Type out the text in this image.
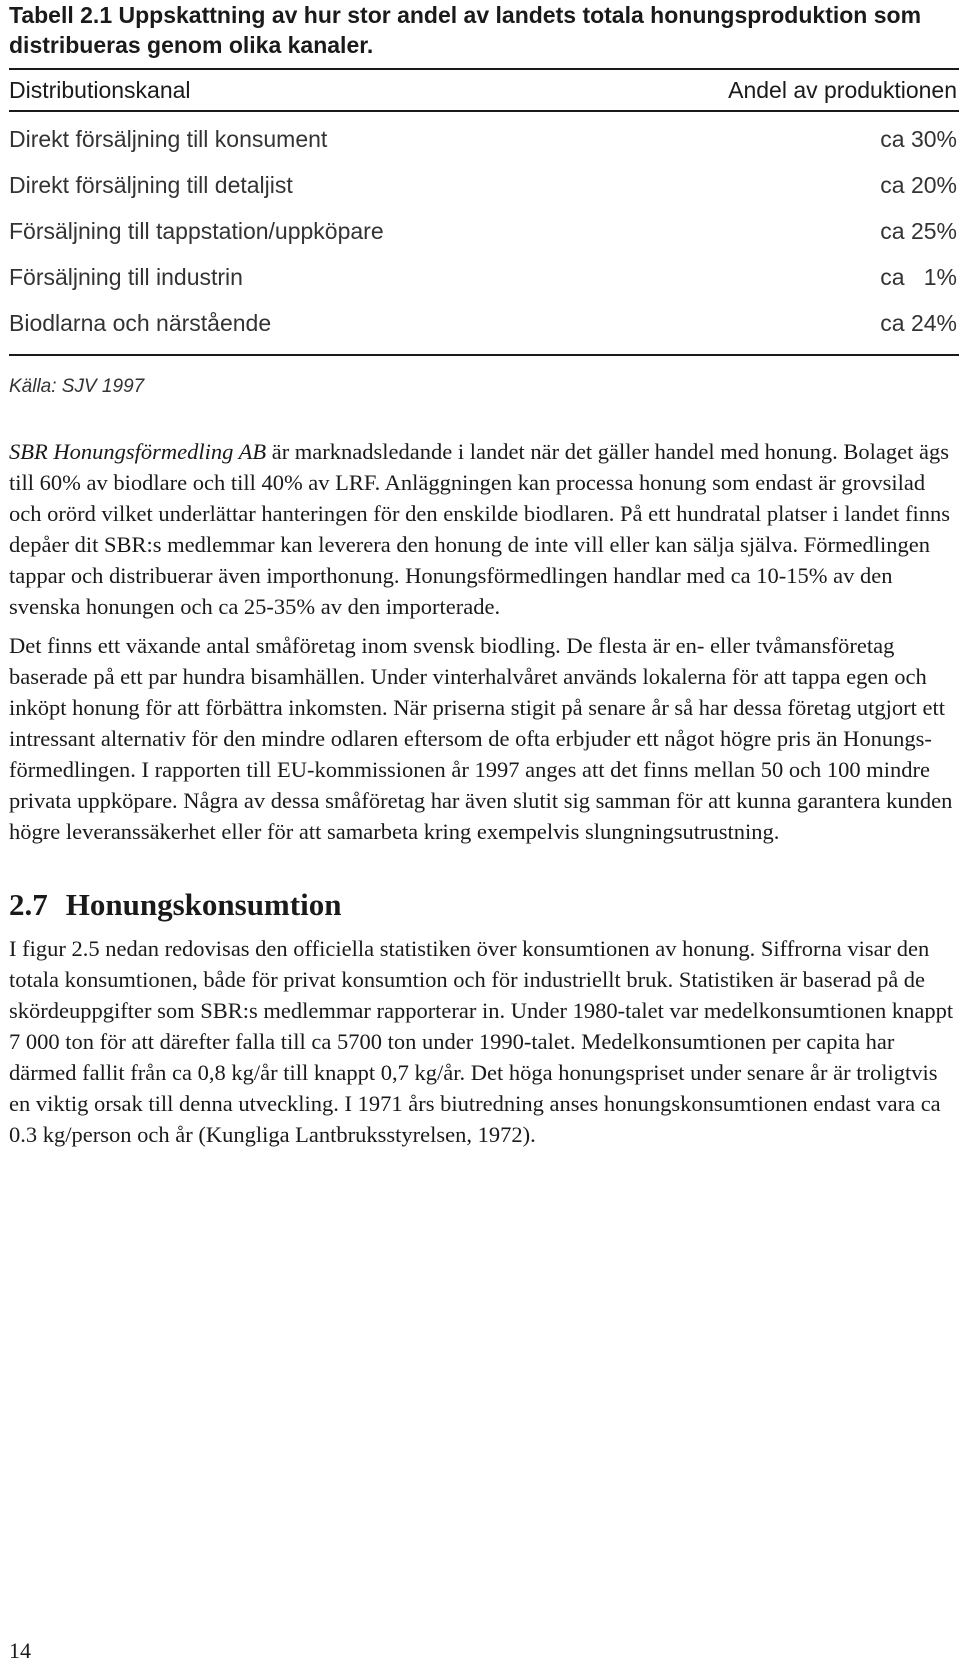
Tabell 2.1 Uppskattning av hur stor andel av landets totala honungsproduktion som distribueras genom olika kanaler.

Distributionskanal	Andel av produktionen
Direkt försäljning till konsument	ca 30%
Direkt försäljning till detaljist	ca 20%
Försäljning till tappstation/uppköpare	ca 25%
Försäljning till industrin	ca   1%
Biodlarna och närstående	ca 24%

Källa: SJV 1997

SBR Honungsförmedling AB är marknadsledande i landet när det gäller handel med honung. Bolaget ägs till 60% av biodlare och till 40% av LRF. Anläggningen kan processa honung som endast är grovsilad och orörd vilket underlättar hanteringen för den enskilde biodlaren. På ett hundratal platser i landet finns depåer dit SBR:s medlemmar kan leverera den honung de inte vill eller kan sälja själva. Förmedlingen tappar och distribuerar även importhonung. Honungsförmedlingen handlar med ca 10-15% av den svenska honungen och ca 25-35% av den importerade.

Det finns ett växande antal småföretag inom svensk biodling. De flesta är en- eller tvåmansföretag baserade på ett par hundra bisamhällen. Under vinterhalvåret används lokalerna för att tappa egen och inköpt honung för att förbättra inkomsten. När priserna stigit på senare år så har dessa företag utgjort ett intressant alternativ för den mindre odlaren eftersom de ofta erbjuder ett något högre pris än Honungs-förmedlingen. I rapporten till EU-kommissionen år 1997 anges att det finns mellan 50 och 100 mindre privata uppköpare. Några av dessa småföretag har även slutit sig samman för att kunna garantera kunden högre leveranssäkerhet eller för att samarbeta kring exempelvis slungningsutrustning.

2.7 Honungskonsumtion

I figur 2.5 nedan redovisas den officiella statistiken över konsumtionen av honung. Siffrorna visar den totala konsumtionen, både för privat konsumtion och för industriellt bruk. Statistiken är baserad på de skördeuppgifter som SBR:s medlemmar rapporterar in. Under 1980-talet var medelkonsumtionen knappt 7 000 ton för att därefter falla till ca 5700 ton under 1990-talet. Medelkonsumtionen per capita har därmed fallit från ca 0,8 kg/år till knappt 0,7 kg/år. Det höga honungspriset under senare år är troligtvis en viktig orsak till denna utveckling. I 1971 års biutredning anses honungskonsumtionen endast vara ca 0.3 kg/person och år (Kungliga Lantbruksstyrelsen, 1972).

14
